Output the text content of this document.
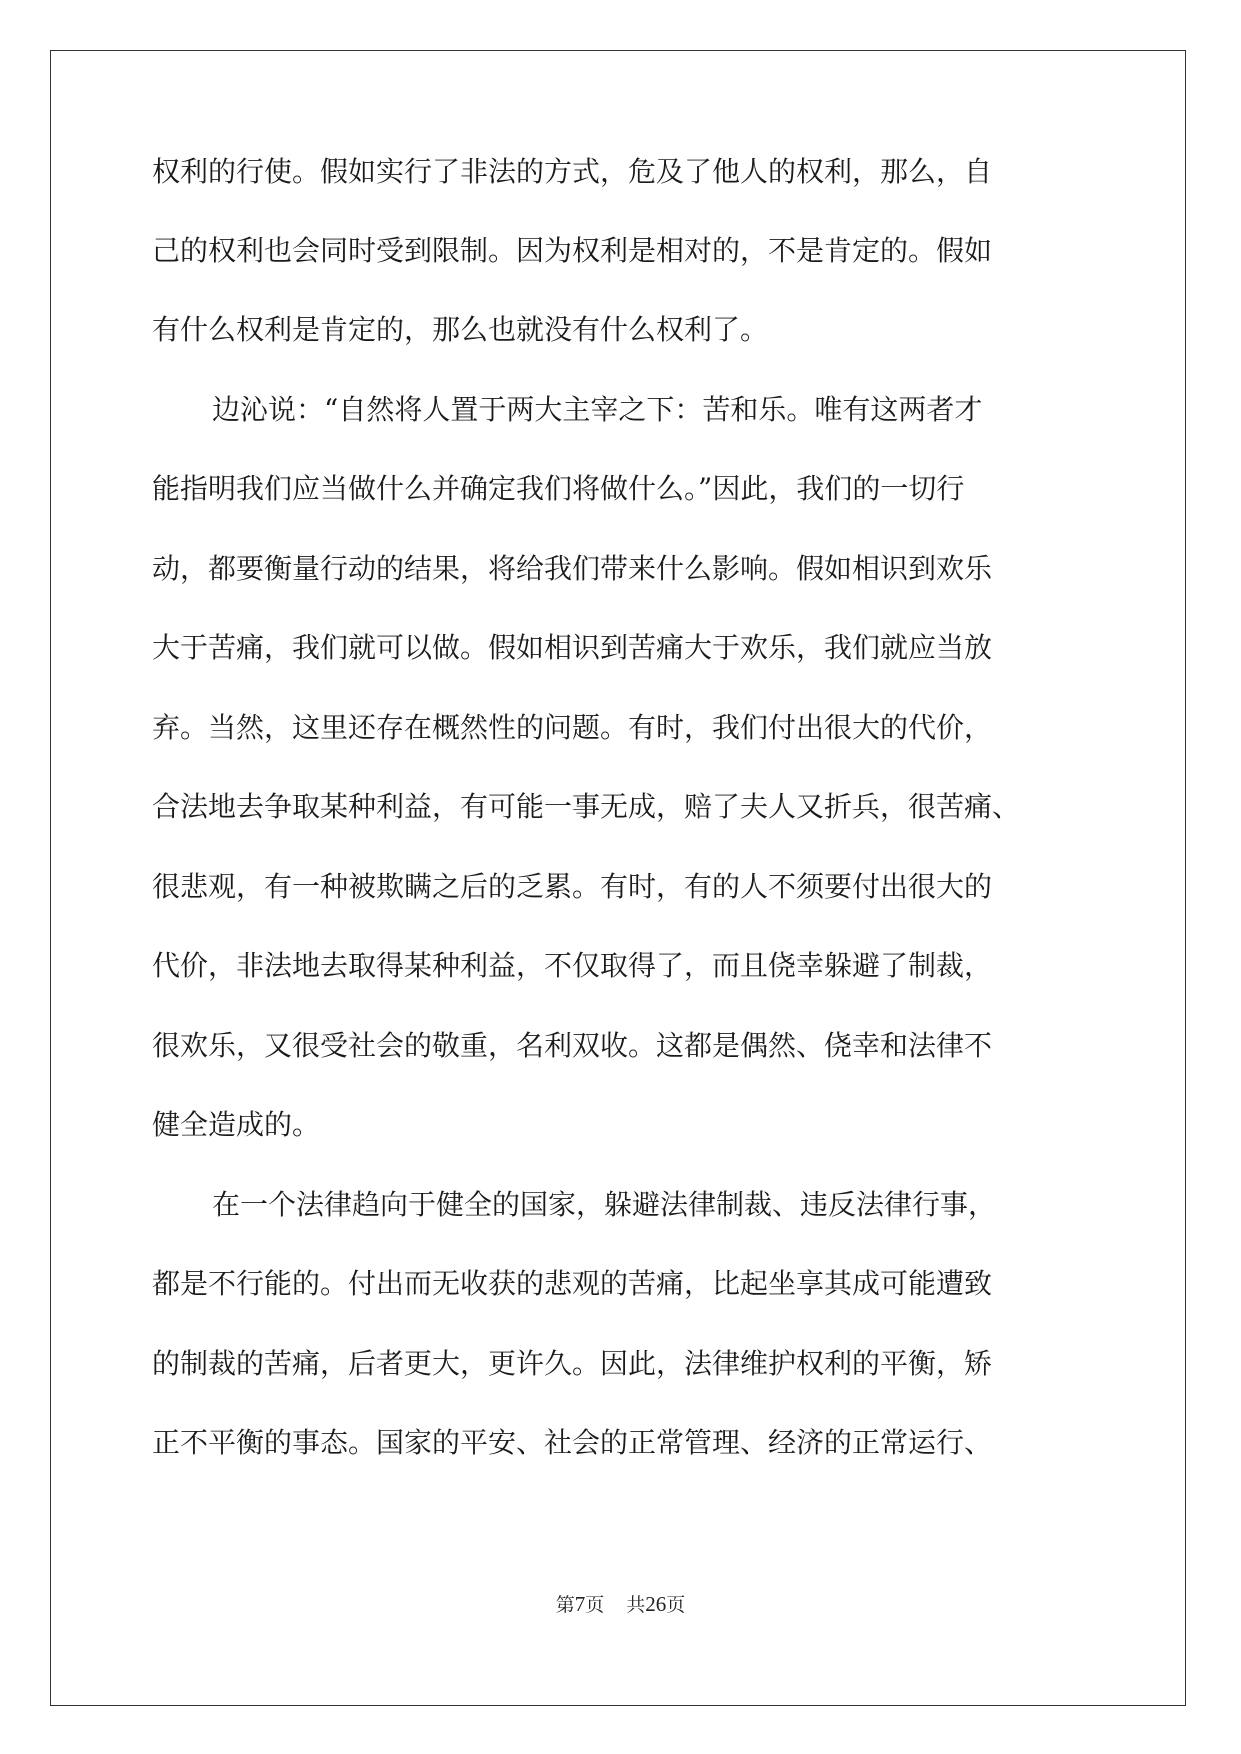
权利的行使。假如实行了非法的方式，危及了他人的权利，那么，自
己的权利也会同时受到限制。因为权利是相对的，不是肯定的。假如
有什么权利是肯定的，那么也就没有什么权利了。
边沁说：“自然将人置于两大主宰之下：苦和乐。唯有这两者才
能指明我们应当做什么并确定我们将做什么。”因此，我们的一切行
动，都要衡量行动的结果，将给我们带来什么影响。假如相识到欢乐
大于苦痛，我们就可以做。假如相识到苦痛大于欢乐，我们就应当放
弃。当然，这里还存在概然性的问题。有时，我们付出很大的代价，
合法地去争取某种利益，有可能一事无成，赔了夫人又折兵，很苦痛、
很悲观，有一种被欺瞒之后的乏累。有时，有的人不须要付出很大的
代价，非法地去取得某种利益，不仅取得了，而且侥幸躲避了制裁，
很欢乐，又很受社会的敬重，名利双收。这都是偶然、侥幸和法律不
健全造成的。
在一个法律趋向于健全的国家，躲避法律制裁、违反法律行事，
都是不行能的。付出而无收获的悲观的苦痛，比起坐享其成可能遭致
的制裁的苦痛，后者更大，更许久。因此，法律维护权利的平衡，矫
正不平衡的事态。国家的平安、社会的正常管理、经济的正常运行、
第7页 共26页
